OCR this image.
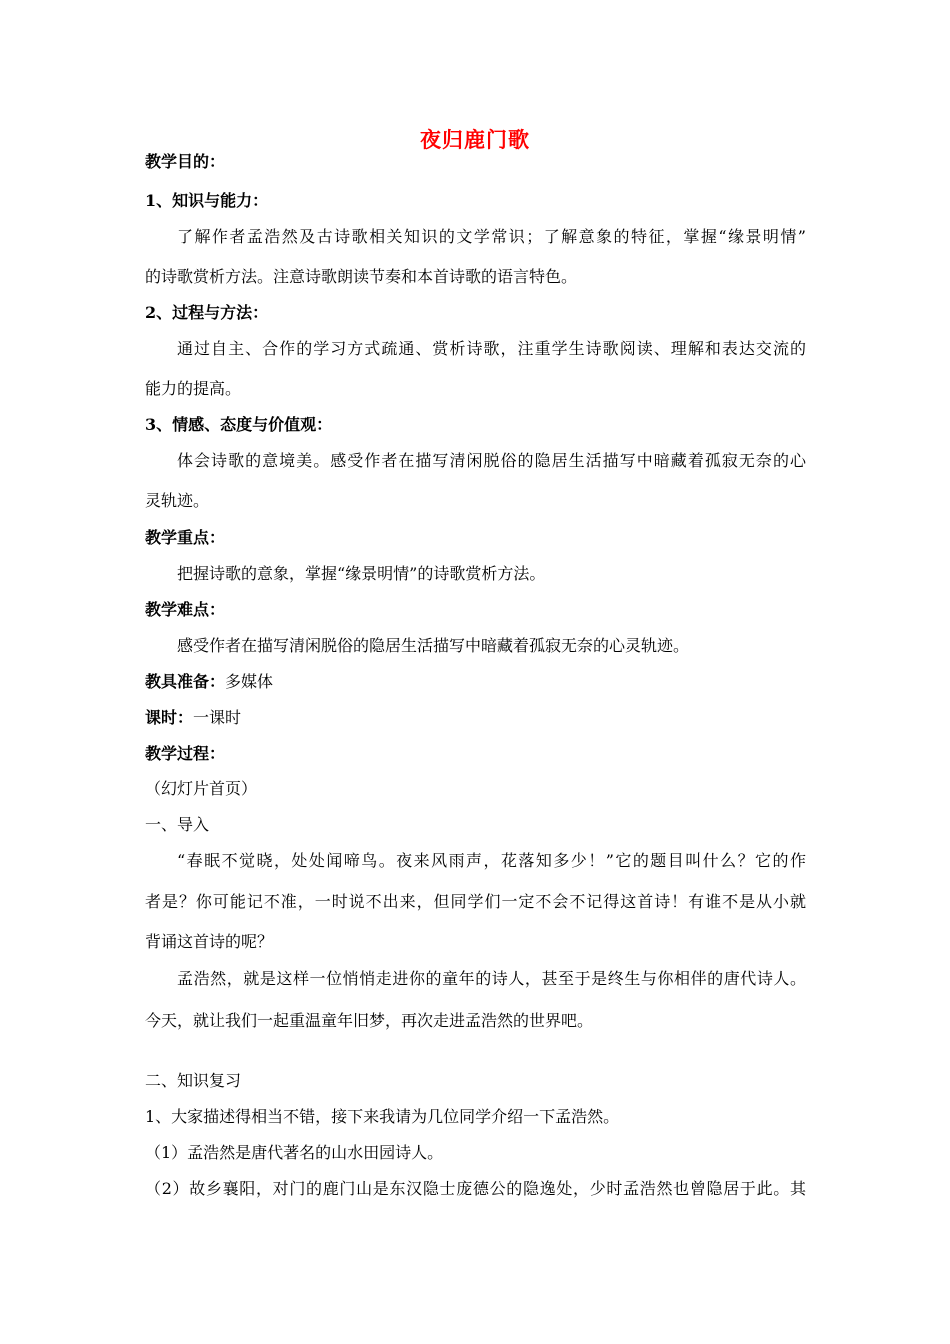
夜归鹿门歌
教学目的：
1、知识与能力：
了解作者孟浩然及古诗歌相关知识的文学常识；了解意象的特征，掌握“缘景明情”
的诗歌赏析方法。注意诗歌朗读节奏和本首诗歌的语言特色。
2、过程与方法：
通过自主、合作的学习方式疏通、赏析诗歌，注重学生诗歌阅读、理解和表达交流的
能力的提高。
3、情感、态度与价值观：
体会诗歌的意境美。感受作者在描写清闲脱俗的隐居生活描写中暗藏着孤寂无奈的心
灵轨迹。
教学重点：
把握诗歌的意象，掌握“缘景明情”的诗歌赏析方法。
教学难点：
感受作者在描写清闲脱俗的隐居生活描写中暗藏着孤寂无奈的心灵轨迹。
教具准备：多媒体
课时：一课时
教学过程：
（幻灯片首页）
一、导入
“春眠不觉晓，处处闻啼鸟。夜来风雨声，花落知多少！”它的题目叫什么？它的作
者是？你可能记不准，一时说不出来，但同学们一定不会不记得这首诗！有谁不是从小就
背诵这首诗的呢？
孟浩然，就是这样一位悄悄走进你的童年的诗人，甚至于是终生与你相伴的唐代诗人。
今天，就让我们一起重温童年旧梦，再次走进孟浩然的世界吧。
二、知识复习
1、大家描述得相当不错，接下来我请为几位同学介绍一下孟浩然。
（1）孟浩然是唐代著名的山水田园诗人。
（2）故乡襄阳，对门的鹿门山是东汉隐士庞德公的隐逸处，少时孟浩然也曾隐居于此。其
